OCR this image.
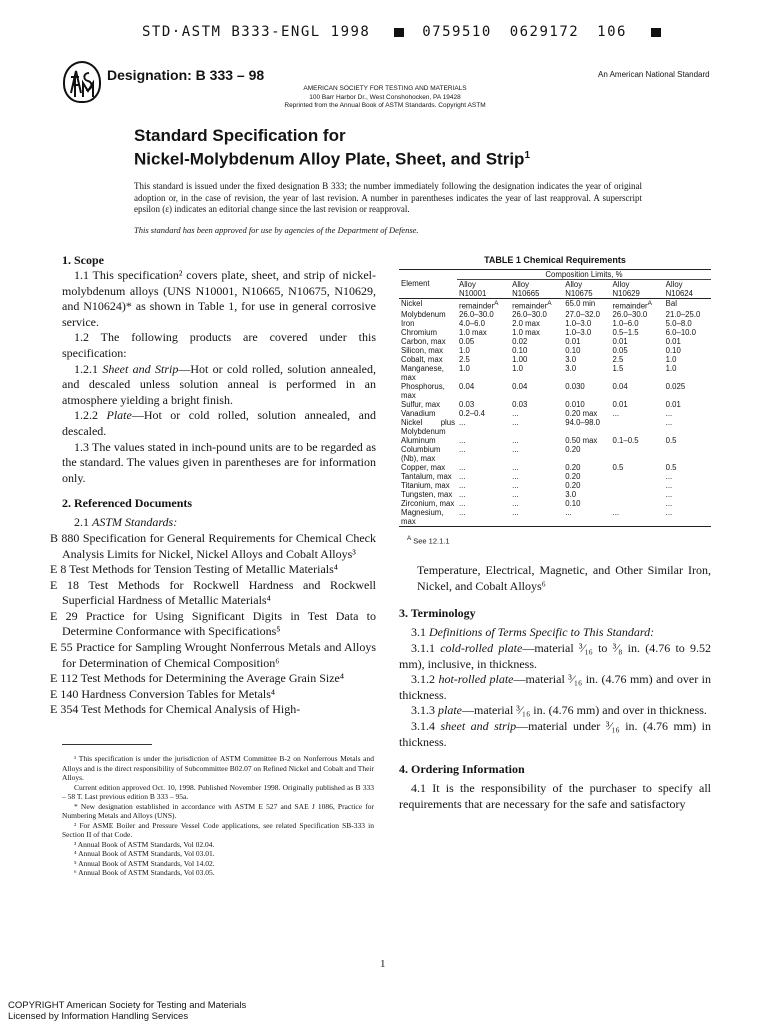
STD·ASTM B333-ENGL 1998	0759510 0629172 106
Designation: B 333 – 98	An American National Standard
AMERICAN SOCIETY FOR TESTING AND MATERIALS
100 Barr Harbor Dr., West Conshohocken, PA 19428
Reprinted from the Annual Book of ASTM Standards. Copyright ASTM
Standard Specification for
Nickel-Molybdenum Alloy Plate, Sheet, and Strip$^1$
This standard is issued under the fixed designation B 333; the number immediately following the designation indicates the year of original adoption or, in the case of revision, the year of last revision. A number in parentheses indicates the year of last reapproval. A superscript epsilon (ε) indicates an editorial change since the last revision or reapproval.
This standard has been approved for use by agencies of the Department of Defense.
1. Scope

1.1 This specification² covers plate, sheet, and strip of nickel-molybdenum alloys (UNS N10001, N10665, N10675, N10629, and N10624)* as shown in Table 1, for use in general corrosive service.

1.2 The following products are covered under this specification:

1.2.1 Sheet and Strip—Hot or cold rolled, solution annealed, and descaled unless solution anneal is performed in an atmosphere yielding a bright finish.

1.2.2 Plate—Hot or cold rolled, solution annealed, and descaled.

1.3 The values stated in inch-pound units are to be regarded as the standard. The values given in parentheses are for information only.

2. Referenced Documents

2.1 ASTM Standards:

B 880 Specification for General Requirements for Chemical Check Analysis Limits for Nickel, Nickel Alloys and Cobalt Alloys³

E 8 Test Methods for Tension Testing of Metallic Materials⁴

E 18 Test Methods for Rockwell Hardness and Rockwell Superficial Hardness of Metallic Materials⁴

E 29 Practice for Using Significant Digits in Test Data to Determine Conformance with Specifications⁵

E 55 Practice for Sampling Wrought Nonferrous Metals and Alloys for Determination of Chemical Composition⁶

E 112 Test Methods for Determining the Average Grain Size⁴

E 140 Hardness Conversion Tables for Metals⁴

E 354 Test Methods for Chemical Analysis of High-

¹ This specification is under the jurisdiction of ASTM Committee B-2 on Nonferrous Metals and Alloys and is the direct responsibility of Subcommittee B02.07 on Refined Nickel and Cobalt and Their Alloys.

Current edition approved Oct. 10, 1998. Published November 1998. Originally published as B 333 – 58 T. Last previous edition B 333 – 95a.

* New designation established in accordance with ASTM E 527 and SAE J 1086, Practice for Numbering Metals and Alloys (UNS).

² For ASME Boiler and Pressure Vessel Code applications, see related Specification SB-333 in Section II of that Code.

³ Annual Book of ASTM Standards, Vol 02.04.

⁴ Annual Book of ASTM Standards, Vol 03.01.

⁵ Annual Book of ASTM Standards, Vol 14.02.

⁶ Annual Book of ASTM Standards, Vol 03.05.

TABLE 1 Chemical Requirements
Element	Composition Limits, %				
	Alloy	Alloy	Alloy	Alloy	Alloy
	N10001	N10665	N10675	N10629	N10624
Nickel	remainder$^A$	remainder$^A$	65.0 min	remainder$^A$	Bal
Molybdenum	26.0–30.0	26.0–30.0	27.0–32.0	26.0–30.0	21.0–25.0
Iron	4.0–6.0	2.0 max	1.0–3.0	1.0–6.0	5.0–8.0
Chromium	1.0 max	1.0 max	1.0–3.0	0.5–1.5	6.0–10.0
Carbon, max	0.05	0.02	0.01	0.01	0.01
Silicon, max	1.0	0.10	0.10	0.05	0.10
Cobalt, max	2.5	1.00	3.0	2.5	1.0
Manganese, max	1.0	1.0	3.0	1.5	1.0
Phosphorus, max	0.04	0.04	0.030	0.04	0.025
Sulfur, max	0.03	0.03	0.010	0.01	0.01
Vanadium	0.2–0.4	...	0.20 max	...	...
Nickel plus Molybdenum	...	...	94.0–98.0		...
Aluminum	...	...	0.50 max	0.1–0.5	0.5
Columbium (Nb), max	...	...	0.20		
Copper, max	...	...	0.20	0.5	0.5
Tantalum, max	...	...	0.20		...
Titanium, max	...	...	0.20		...
Tungsten, max	...	...	3.0		...
Zirconium, max	...	...	0.10		...
Magnesium, max	...	...	...	...	...
$^A$ See 12.1.1

Temperature, Electrical, Magnetic, and Other Similar Iron, Nickel, and Cobalt Alloys⁶

3. Terminology

3.1 Definitions of Terms Specific to This Standard:

3.1.1 cold-rolled plate—material ³⁄₁₆ to ³⁄₈ in. (4.76 to 9.52 mm), inclusive, in thickness.

3.1.2 hot-rolled plate—material ³⁄₁₆ in. (4.76 mm) and over in thickness.

3.1.3 plate—material ³⁄₁₆ in. (4.76 mm) and over in thickness.

3.1.4 sheet and strip—material under ³⁄₁₆ in. (4.76 mm) in thickness.

4. Ordering Information

4.1 It is the responsibility of the purchaser to specify all requirements that are necessary for the safe and satisfactory

1
COPYRIGHT American Society for Testing and Materials
Licensed by Information Handling Services
